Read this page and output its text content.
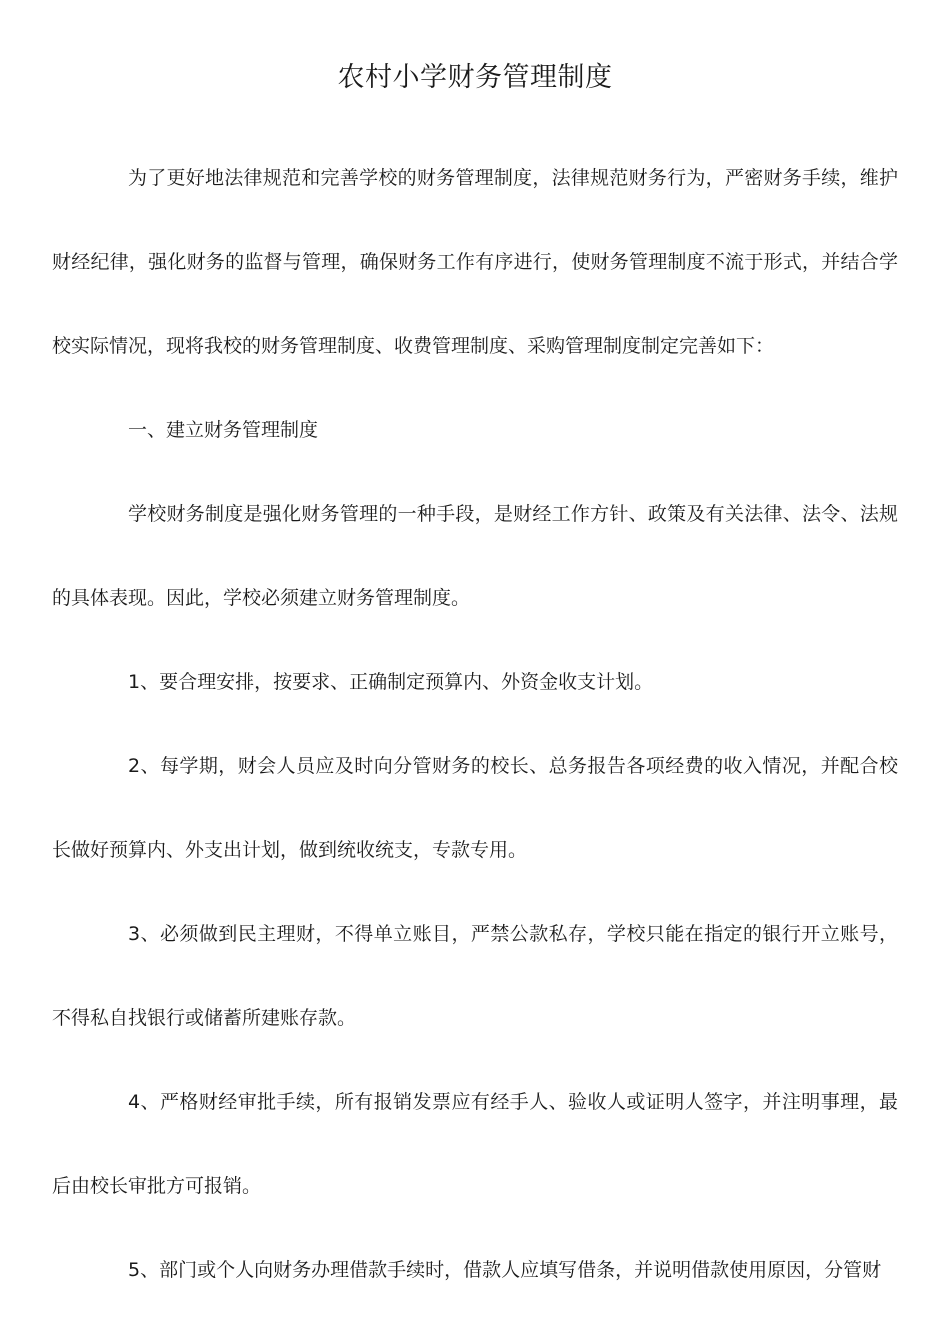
农村小学财务管理制度

为了更好地法律规范和完善学校的财务管理制度，法律规范财务行为，严密财务手续，维护财经纪律，强化财务的监督与管理，确保财务工作有序进行，使财务管理制度不流于形式，并结合学校实际情况，现将我校的财务管理制度、收费管理制度、采购管理制度制定完善如下：

一、建立财务管理制度

学校财务制度是强化财务管理的一种手段，是财经工作方针、政策及有关法律、法令、法规的具体表现。因此，学校必须建立财务管理制度。

1、要合理安排，按要求、正确制定预算内、外资金收支计划。

2、每学期，财会人员应及时向分管财务的校长、总务报告各项经费的收入情况，并配合校长做好预算内、外支出计划，做到统收统支，专款专用。

3、必须做到民主理财，不得单立账目，严禁公款私存，学校只能在指定的银行开立账号，不得私自找银行或储蓄所建账存款。

4、严格财经审批手续，所有报销发票应有经手人、验收人或证明人签字，并注明事理，最后由校长审批方可报销。

5、部门或个人向财务办理借款手续时，借款人应填写借条，并说明借款使用原因，分管财
